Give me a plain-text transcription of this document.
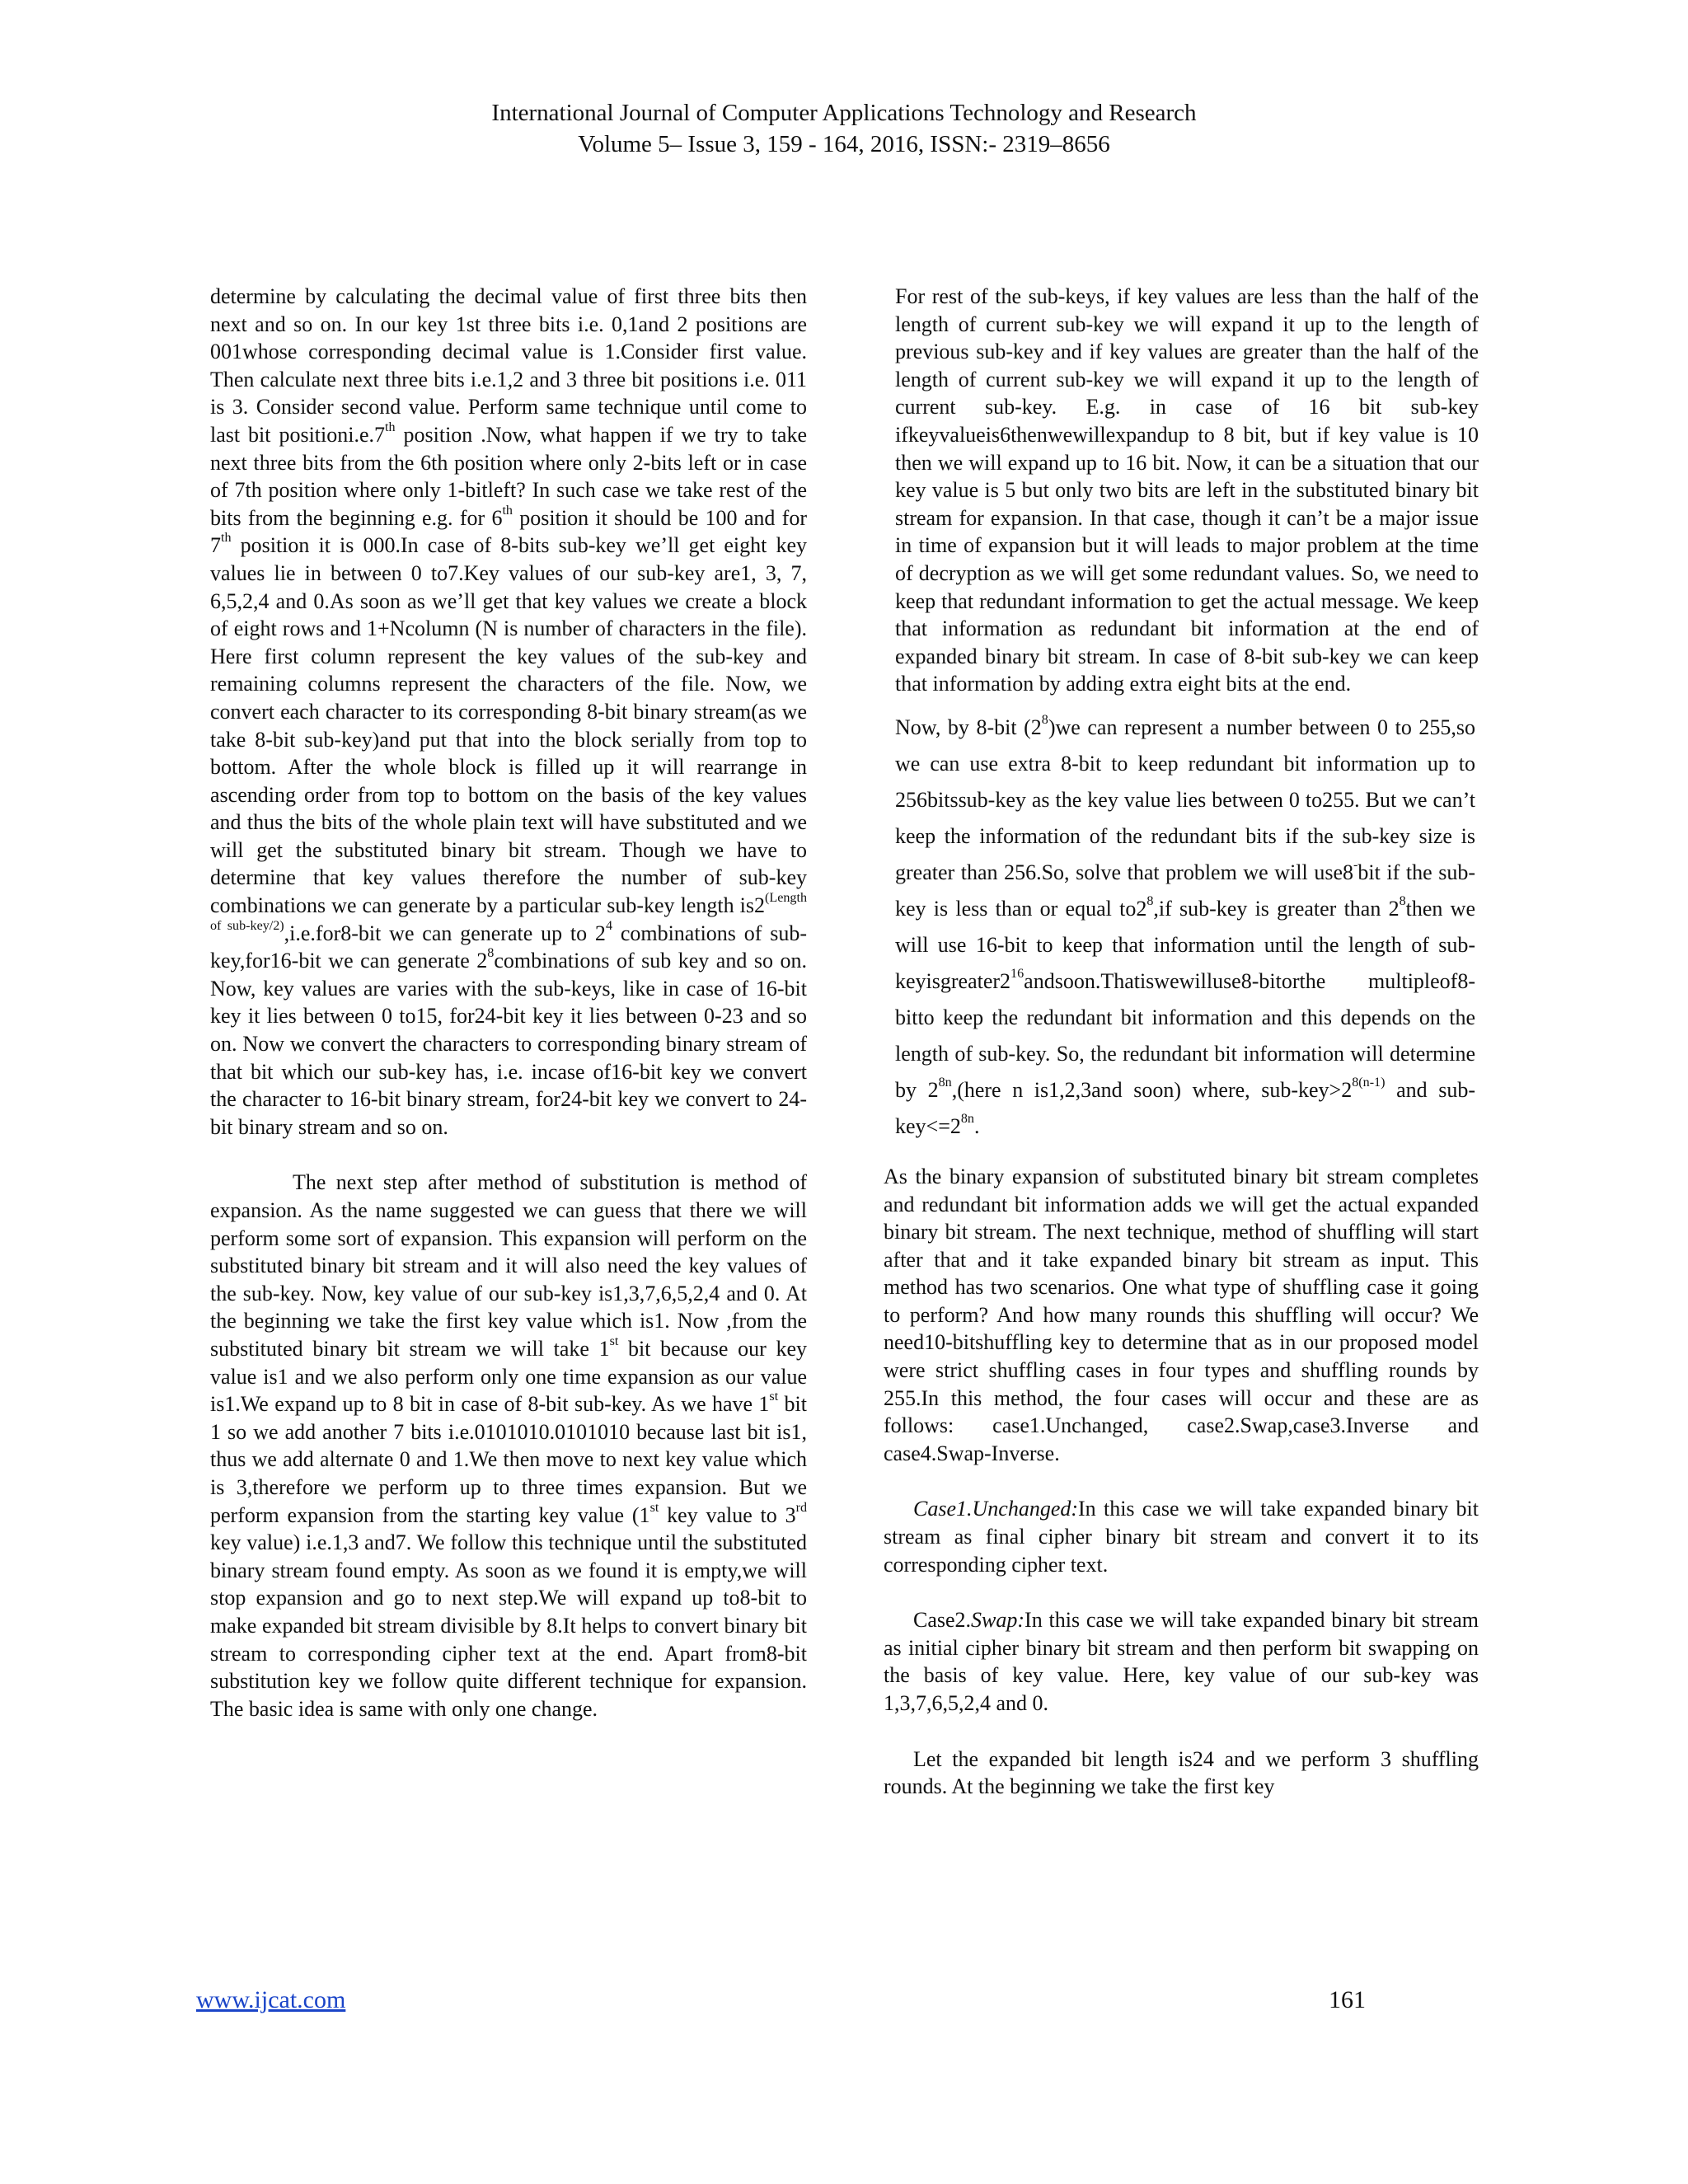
International Journal of Computer Applications Technology and Research
Volume 5– Issue 3, 159 - 164, 2016, ISSN:- 2319–8656

determine by calculating the decimal value of first three bits then next and so on. In our key 1st three bits i.e. 0,1and 2 positions are 001whose corresponding decimal value is 1.Consider first value. Then calculate next three bits i.e.1,2 and 3 three bit positions i.e. 011 is 3. Consider second value. Perform same technique until come to last bit positioni.e.7th position .Now, what happen if we try to take next three bits from the 6th position where only 2-bits left or in case of 7th position where only 1-bitleft? In such case we take rest of the bits from the beginning e.g. for 6th position it should be 100 and for 7th position it is 000.In case of 8-bits sub-key we’ll get eight key values lie in between 0 to7.Key values of our sub-key are1, 3, 7, 6,5,2,4 and 0.As soon as we’ll get that key values we create a block of eight rows and 1+Ncolumn (N is number of characters in the file). Here first column represent the key values of the sub-key and remaining columns represent the characters of the file. Now, we convert each character to its corresponding 8-bit binary stream(as we take 8-bit sub-key)and put that into the block serially from top to bottom. After the whole block is filled up it will rearrange in ascending order from top to bottom on the basis of the key values and thus the bits of the whole plain text will have substituted and we will get the substituted binary bit stream. Though we have to determine that key values therefore the number of sub-key combinations we can generate by a particular sub-key length $is2^{(Length of sub-key/2)},i.e.for8$-bit we can generate up to $2^4$ combinations of sub-key,for16-bit we can generate $2^8combinations$ of sub key and so on. Now, key values are varies with the sub-keys, like in case of 16-bit key it lies between 0 to15, for24-bit key it lies between 0-23 and so on. Now we convert the characters to corresponding binary stream of that bit which our sub-key has, i.e. incase of16-bit key we convert the character to 16-bit binary stream, for24-bit key we convert to 24-bit binary stream and so on.

The next step after method of substitution is method of expansion. As the name suggested we can guess that there we will perform some sort of expansion. This expansion will perform on the substituted binary bit stream and it will also need the key values of the sub-key. Now, key value of our sub-key is1,3,7,6,5,2,4 and 0. At the beginning we take the first key value which is1. Now ,from the substituted binary bit stream we will take 1st bit because our key value is1 and we also perform only one time expansion as our value is1.We expand up to 8 bit in case of 8-bit sub-key. As we have 1st bit 1 so we add another 7 bits i.e.0101010.0101010 because last bit is1, thus we add alternate 0 and 1.We then move to next key value which is 3,therefore we perform up to three times expansion. But we perform expansion from the starting key value (1st key value to 3rd key value) i.e.1,3 and7. We follow this technique until the substituted binary stream found empty. As soon as we found it is empty,we will stop expansion and go to next step.We will expand up to8-bit to make expanded bit stream divisible by 8.It helps to convert binary bit stream to corresponding cipher text at the end. Apart from8-bit substitution key we follow quite different technique for expansion. The basic idea is same with only one change.

For rest of the sub-keys, if key values are less than the half of the length of current sub-key we will expand it up to the length of previous sub-key and if key values are greater than the half of the length of current sub-key we will expand it up to the length of current sub-key. E.g. in case of 16 bit sub-key ifkeyvalueis6thenwewillexpandup to 8 bit, but if key value is 10 then we will expand up to 16 bit. Now, it can be a situation that our key value is 5 but only two bits are left in the substituted binary bit stream for expansion. In that case, though it can’t be a major issue in time of expansion but it will leads to major problem at the time of decryption as we will get some redundant values. So, we need to keep that redundant information to get the actual message. We keep that information as redundant bit information at the end of expanded binary bit stream. In case of 8-bit sub-key we can keep that information by adding extra eight bits at the end.

Now, by 8-bit $(2^8)we$ can represent a number between 0 to 255,so we can use extra 8-bit to keep redundant bit information up to 256bitssub-key as the key value lies between 0 to255. But we can’t keep the information of the redundant bits if the sub-key size is greater than 256.So, solve that problem we will use8-bit if the sub-key is less than or equal $to2^8,if$ sub-key is greater than $2^8then$ we will use 16-bit to keep that information until the length of sub-$keyisgreater2^{16}andsoon.Thatiswewilluse8$-bitorthe multipleof8-bitto keep the redundant bit information and this depends on the length of sub-key. So, the redundant bit information will determine by $2^{8n},(here$ n is1,2,3and soon) where, sub-$key>2^{8(n-1)}$ and sub-$key<=2^{8n}$.

As the binary expansion of substituted binary bit stream completes and redundant bit information adds we will get the actual expanded binary bit stream. The next technique, method of shuffling will start after that and it take expanded binary bit stream as input. This method has two scenarios. One what type of shuffling case it going to perform? And how many rounds this shuffling will occur? We need10-bitshuffling key to determine that as in our proposed model were strict shuffling cases in four types and shuffling rounds by 255.In this method, the four cases will occur and these are as follows: case1.Unchanged, case2.Swap,case3.Inverse and case4.Swap-Inverse.

Case1.Unchanged:In this case we will take expanded binary bit stream as final cipher binary bit stream and convert it to its corresponding cipher text.

Case2.Swap:In this case we will take expanded binary bit stream as initial cipher binary bit stream and then perform bit swapping on the basis of key value. Here, key value of our sub-key was 1,3,7,6,5,2,4 and 0.

Let the expanded bit length is24 and we perform 3 shuffling rounds. At the beginning we take the first key

www.ijcat.com	161
